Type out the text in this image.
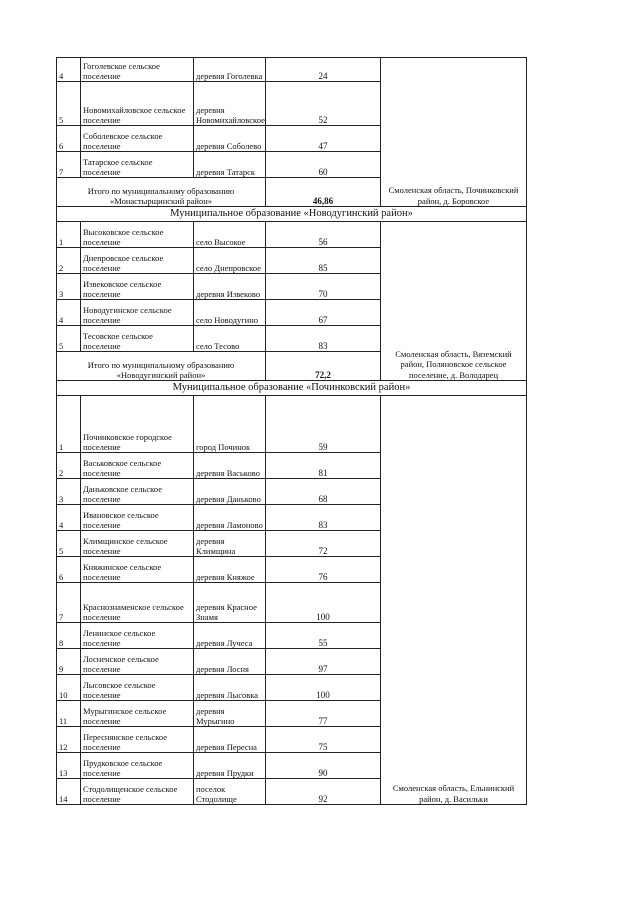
4	Гоголевское сельское поселение	деревня Гоголевка	24	Смоленская область, Починковский район, д. Боровское
5	Новомихайловское сельское поселение	деревня Новомихайловское	52	
6	Соболевское сельское поселение	деревня Соболево	47	
7	Татарское сельское поселение	деревня Татарск	60	
Итого по муниципальному образованию «Монастырщинский район»			46,86	
Муниципальное образование «Новодугинский район»				
1	Высоковское сельское поселение	село Высокое	56	Смоленская область, Вяземский район, Поляновское сельское поселение, д. Володарец
2	Днепровское сельское поселение	село Днепровское	85	
3	Извековское сельское поселение	деревня Извеково	70	
4	Новодугинское сельское поселение	село Новодугино	67	
5	Тесовское сельское поселение	село Тесово	83	
Итого по муниципальному образованию «Новодугинский район»			72,2	
Муниципальное образование «Починковский район»				
1	Починковское городское поселение	город Починок	59	Смоленская область, Ельнинский район, д. Васильки
2	Васьковское сельское поселение	деревня Васьково	81	
3	Даньковское сельское поселение	деревня Даньково	68	
4	Ивановское сельское поселение	деревня Ламоново	83	
5	Климщинское сельское поселение	деревня Климщина	72	
6	Княжинское сельское поселение	деревня Княжое	76	
7	Краснознаменское сельское поселение	деревня Красное Знамя	100	
8	Ленинское сельское поселение	деревня Лучеса	55	
9	Лосненское сельское поселение	деревня Лосня	97	
10	Лысовское сельское поселение	деревня Лысовка	100	
11	Мурыгинское сельское поселение	деревня Мурыгино	77	
12	Переснянское сельское поселение	деревня Пересна	75	
13	Прудковское сельское поселение	деревня Прудки	90	
14	Стодолищенское сельское поселение	поселок Стодолище	92	
